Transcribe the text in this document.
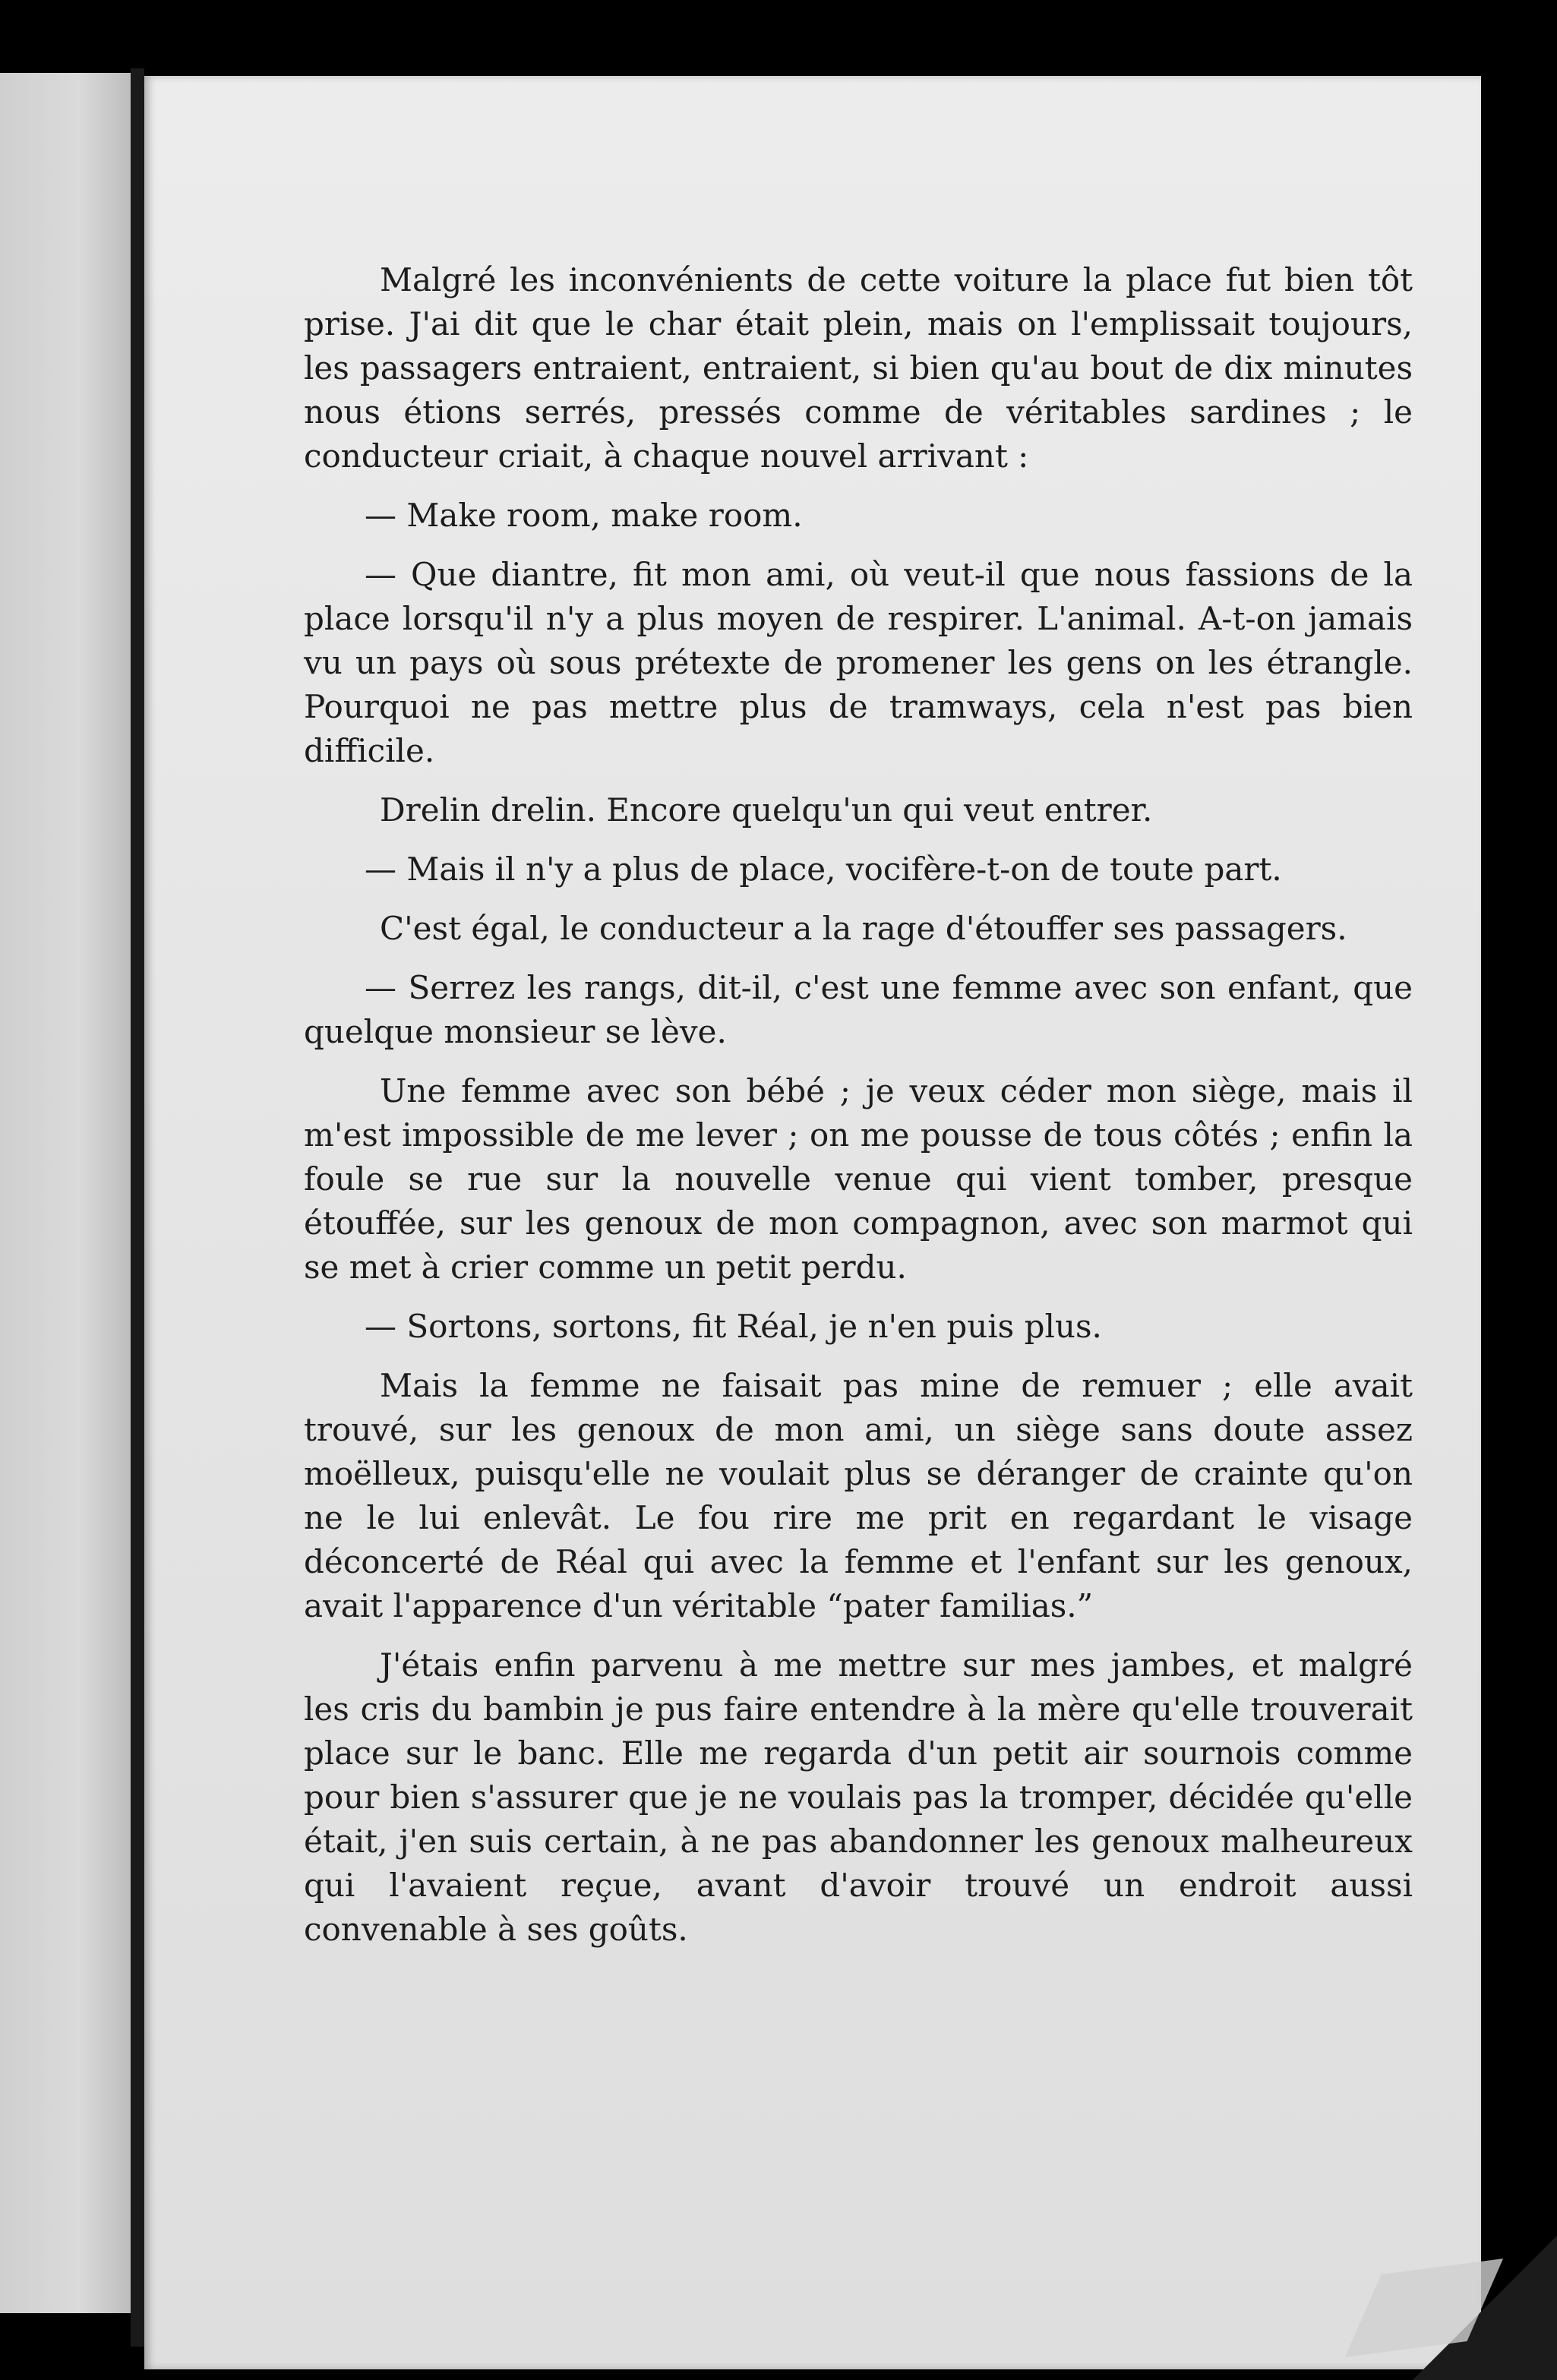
Malgré les inconvénients de cette voiture la place fut bien tôt prise. J'ai dit que le char était plein, mais on l'emplissait toujours, les passagers entraient, entraient, si bien qu'au bout de dix minutes nous étions serrés, pressés comme de véritables sardines ; le conducteur criait, à chaque nouvel arrivant :

— Make room, make room.

— Que diantre, fit mon ami, où veut-il que nous fassions de la place lorsqu'il n'y a plus moyen de respirer. L'animal. A-t-on jamais vu un pays où sous prétexte de promener les gens on les étrangle. Pourquoi ne pas mettre plus de tramways, cela n'est pas bien difficile.

Drelin drelin. Encore quelqu'un qui veut entrer.

— Mais il n'y a plus de place, vocifère-t-on de toute part.

C'est égal, le conducteur a la rage d'étouffer ses passagers.

— Serrez les rangs, dit-il, c'est une femme avec son enfant, que quelque monsieur se lève.

Une femme avec son bébé ; je veux céder mon siège, mais il m'est impossible de me lever ; on me pousse de tous côtés ; enfin la foule se rue sur la nouvelle venue qui vient tomber, presque étouffée, sur les genoux de mon compagnon, avec son marmot qui se met à crier comme un petit perdu.

— Sortons, sortons, fit Réal, je n'en puis plus.

Mais la femme ne faisait pas mine de remuer ; elle avait trouvé, sur les genoux de mon ami, un siège sans doute assez moëlleux, puisqu'elle ne voulait plus se déranger de crainte qu'on ne le lui enlevât. Le fou rire me prit en regardant le visage déconcerté de Réal qui avec la femme et l'enfant sur les genoux, avait l'apparence d'un véritable “pater familias.”

J'étais enfin parvenu à me mettre sur mes jambes, et malgré les cris du bambin je pus faire entendre à la mère qu'elle trouverait place sur le banc. Elle me regarda d'un petit air sournois comme pour bien s'assurer que je ne voulais pas la tromper, décidée qu'elle était, j'en suis certain, à ne pas abandonner les genoux malheureux qui l'avaient reçue, avant d'avoir trouvé un endroit aussi convenable à ses goûts.
